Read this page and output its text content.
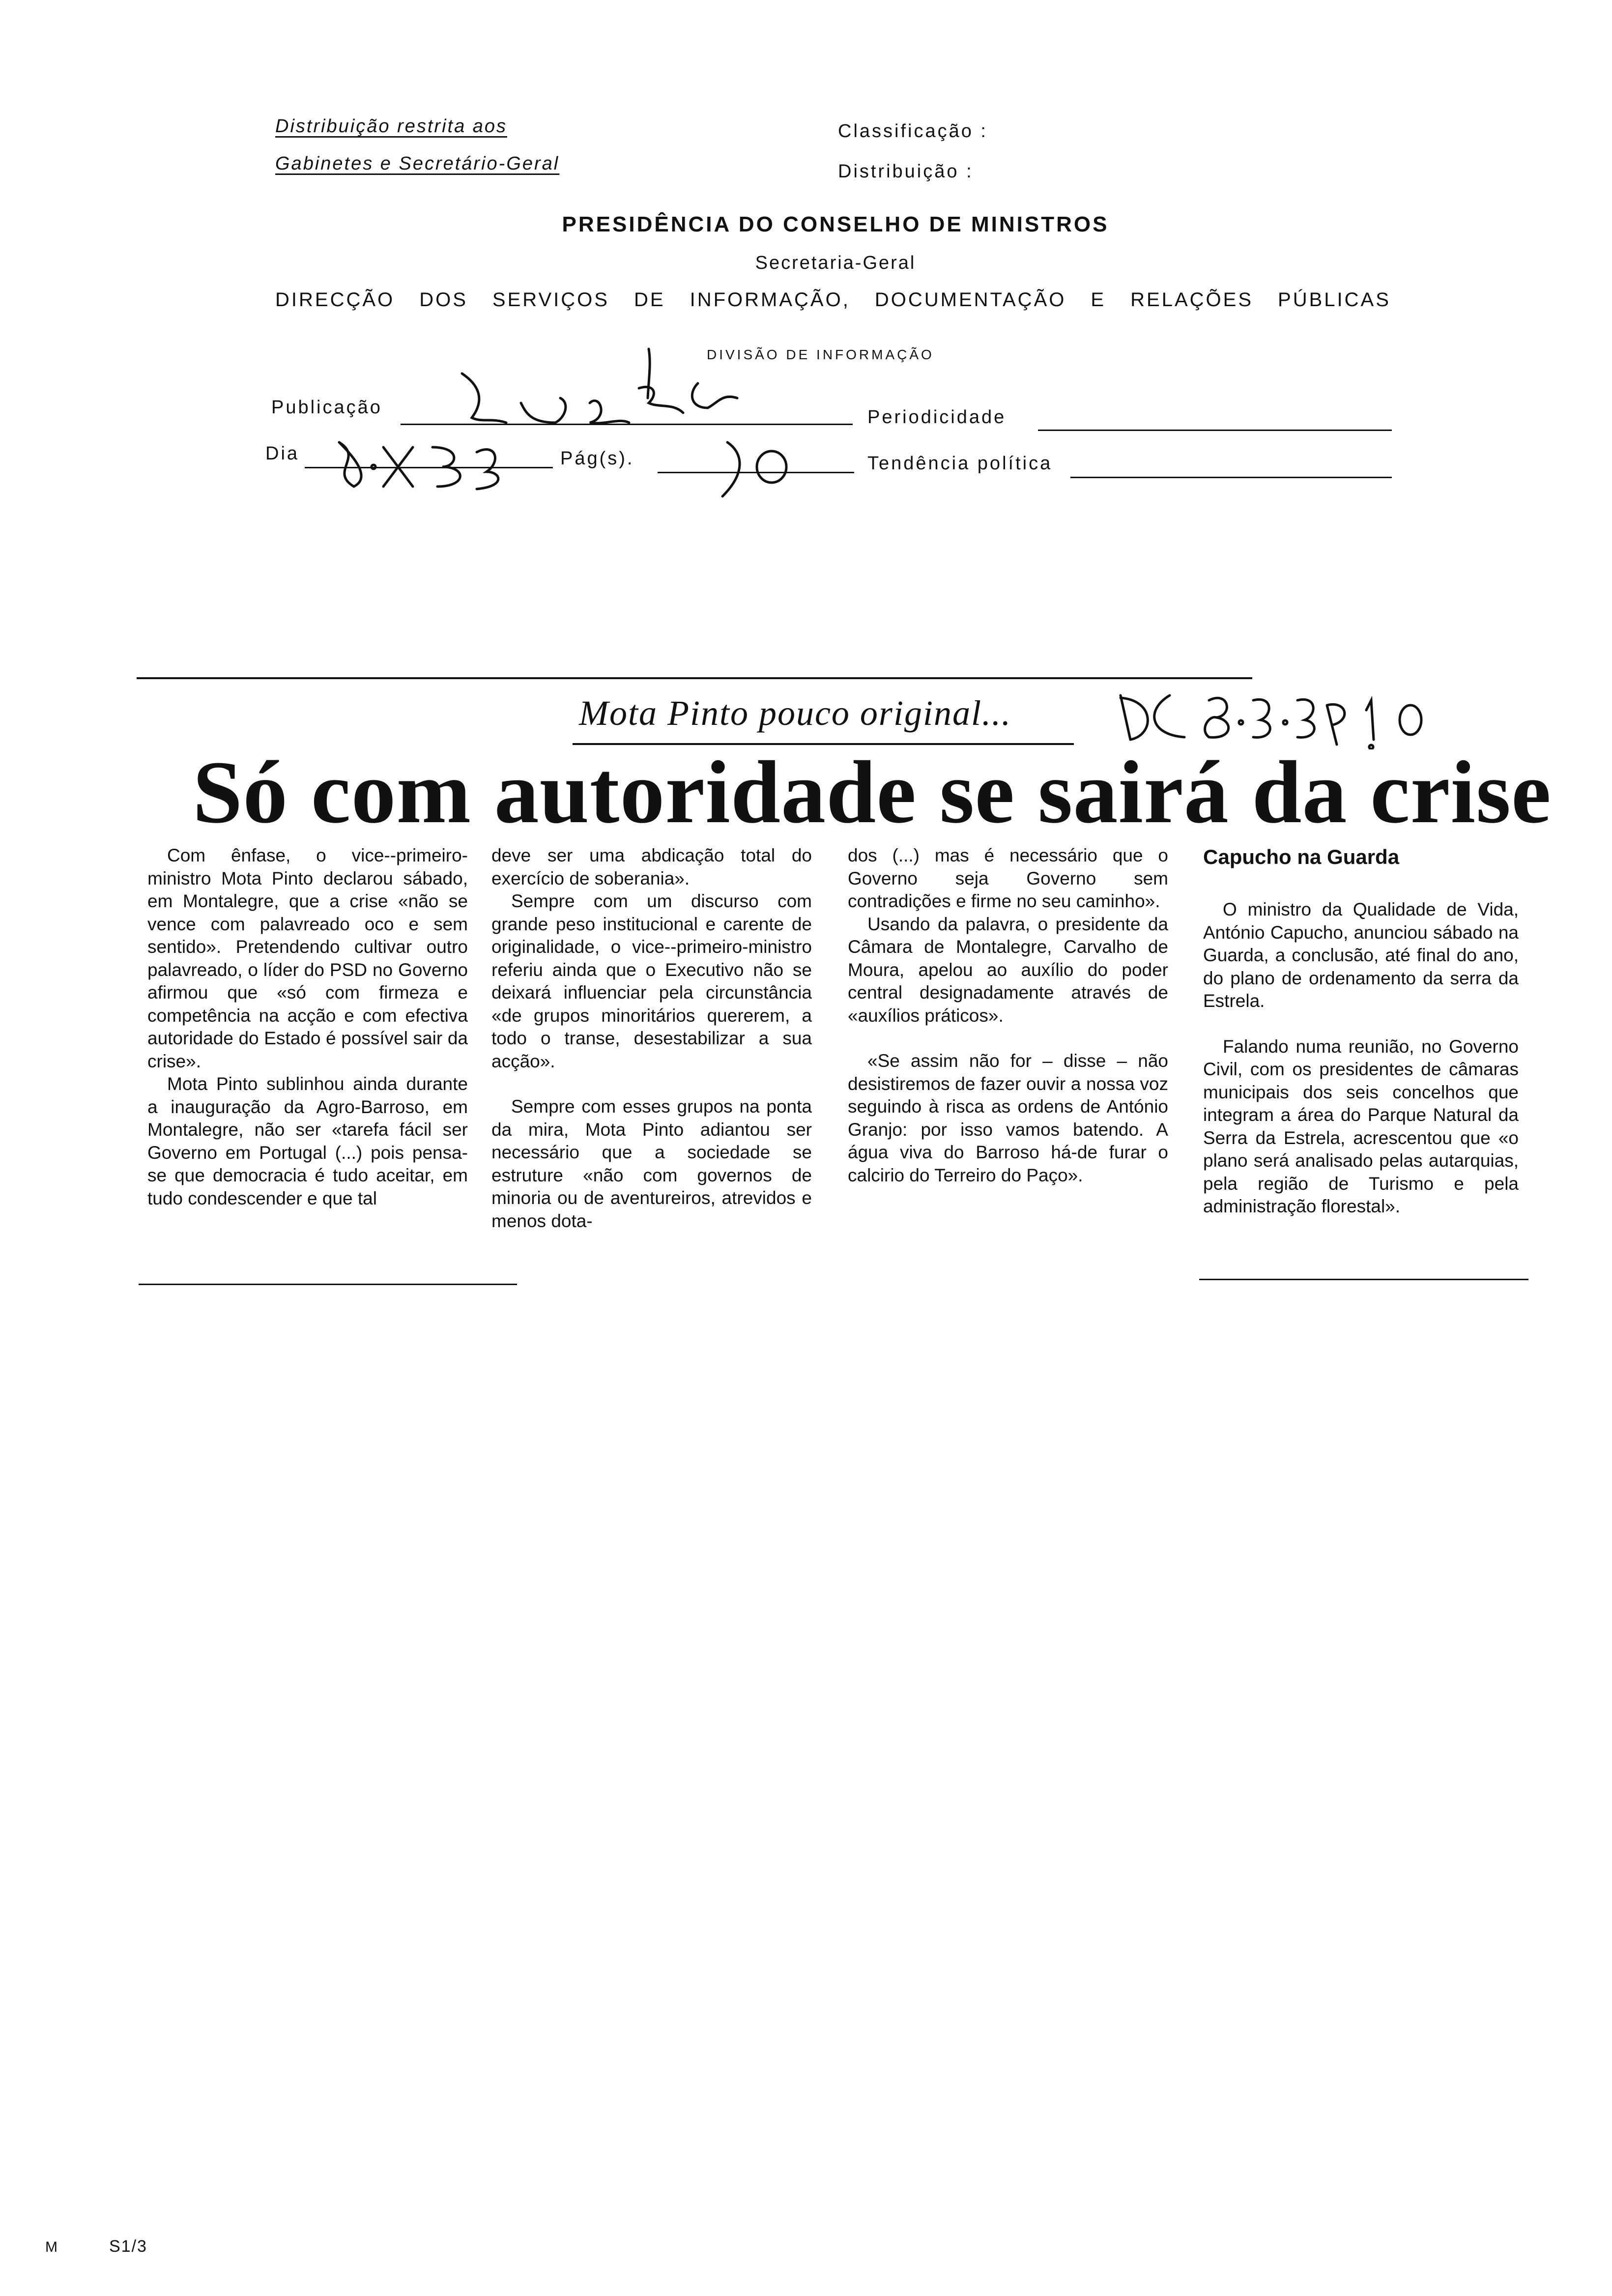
Distribuição restrita aos
Gabinetes e Secretário-Geral
Classificação :
Distribuição :
PRESIDÊNCIA DO CONSELHO DE MINISTROS
Secretaria-Geral
DIRECÇÃO DOS SERVIÇOS DE INFORMAÇÃO, DOCUMENTAÇÃO E RELAÇÕES PÚBLICAS
DIVISÃO DE INFORMAÇÃO
Publicação	Periodicidade
Dia	Pág(s).	Tendência política
Mota Pinto pouco original...
Só com autoridade se sairá da crise

Com ênfase, o vice--primeiro-ministro Mota Pinto declarou sábado, em Montalegre, que a crise «não se vence com palavreado oco e sem sentido». Pretendendo cultivar outro palavreado, o líder do PSD no Governo afirmou que «só com firmeza e competência na acção e com efectiva autoridade do Estado é possível sair da crise».

Mota Pinto sublinhou ainda durante a inauguração da Agro-Barroso, em Montalegre, não ser «tarefa fácil ser Governo em Portugal (...) pois pensa-se que democracia é tudo aceitar, em tudo condescender e que tal

deve ser uma abdicação total do exercício de soberania».

Sempre com um discurso com grande peso institucional e carente de originalidade, o vice--primeiro-ministro referiu ainda que o Executivo não se deixará influenciar pela circunstância «de grupos minoritários quererem, a todo o transe, desestabilizar a sua acção».

Sempre com esses grupos na ponta da mira, Mota Pinto adiantou ser necessário que a sociedade se estruture «não com governos de minoria ou de aventureiros, atrevidos e menos dota-

dos (...) mas é necessário que o Governo seja Governo sem contradições e firme no seu caminho».

Usando da palavra, o presidente da Câmara de Montalegre, Carvalho de Moura, apelou ao auxílio do poder central designadamente através de «auxílios práticos».

«Se assim não for – disse – não desistiremos de fazer ouvir a nossa voz seguindo à risca as ordens de António Granjo: por isso vamos batendo. A água viva do Barroso há-de furar o calcirio do Terreiro do Paço».

Capucho na Guarda

O ministro da Qualidade de Vida, António Capucho, anunciou sábado na Guarda, a conclusão, até final do ano, do plano de ordenamento da serra da Estrela.

Falando numa reunião, no Governo Civil, com os presidentes de câmaras municipais dos seis concelhos que integram a área do Parque Natural da Serra da Estrela, acrescentou que «o plano será analisado pelas autarquias, pela região de Turismo e pela administração florestal».

M	S1/3
